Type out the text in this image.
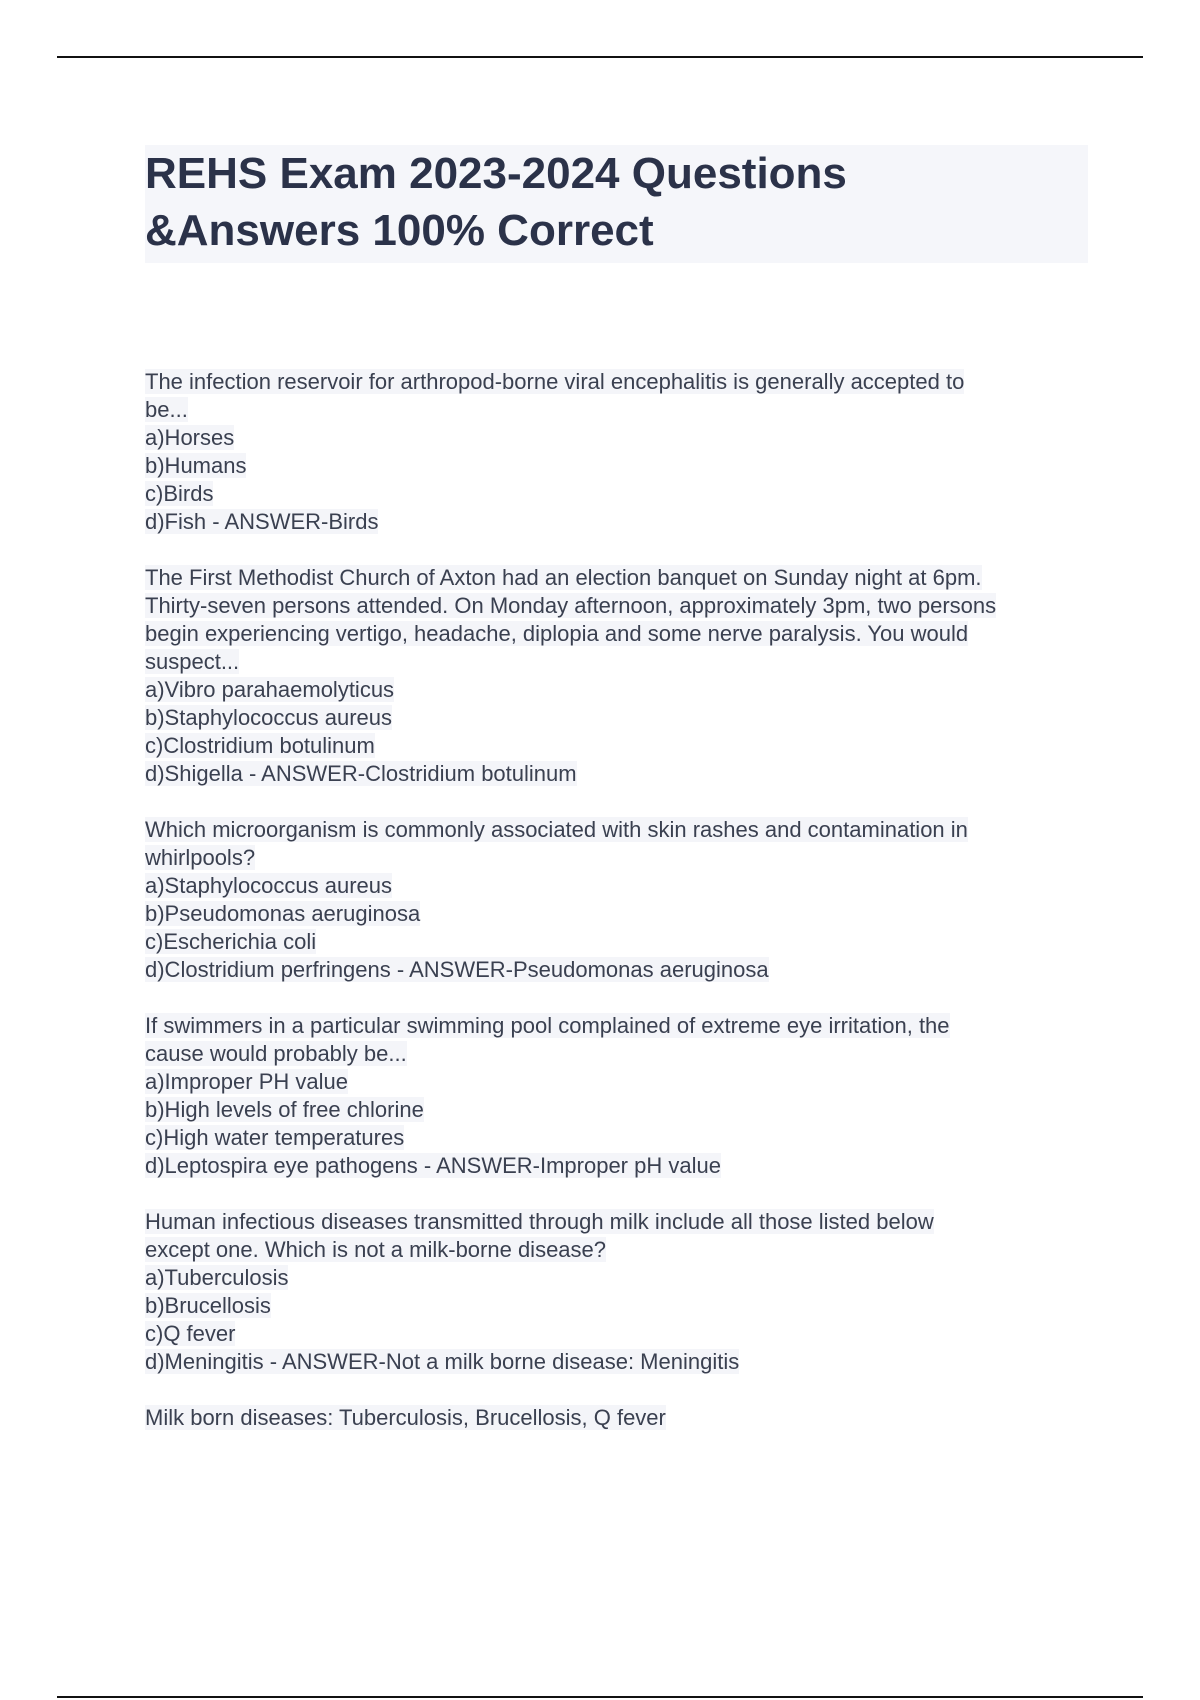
REHS Exam 2023-2024 Questions
&Answers 100% Correct
The infection reservoir for arthropod-borne viral encephalitis is generally accepted to
be...
a)Horses
b)Humans
c)Birds
d)Fish - ANSWER-Birds
The First Methodist Church of Axton had an election banquet on Sunday night at 6pm.
Thirty-seven persons attended. On Monday afternoon, approximately 3pm, two persons
begin experiencing vertigo, headache, diplopia and some nerve paralysis. You would
suspect...
a)Vibro parahaemolyticus
b)Staphylococcus aureus
c)Clostridium botulinum
d)Shigella - ANSWER-Clostridium botulinum
Which microorganism is commonly associated with skin rashes and contamination in
whirlpools?
a)Staphylococcus aureus
b)Pseudomonas aeruginosa
c)Escherichia coli
d)Clostridium perfringens - ANSWER-Pseudomonas aeruginosa
If swimmers in a particular swimming pool complained of extreme eye irritation, the
cause would probably be...
a)Improper PH value
b)High levels of free chlorine
c)High water temperatures
d)Leptospira eye pathogens - ANSWER-Improper pH value
Human infectious diseases transmitted through milk include all those listed below
except one. Which is not a milk-borne disease?
a)Tuberculosis
b)Brucellosis
c)Q fever
d)Meningitis - ANSWER-Not a milk borne disease: Meningitis
Milk born diseases: Tuberculosis, Brucellosis, Q fever
